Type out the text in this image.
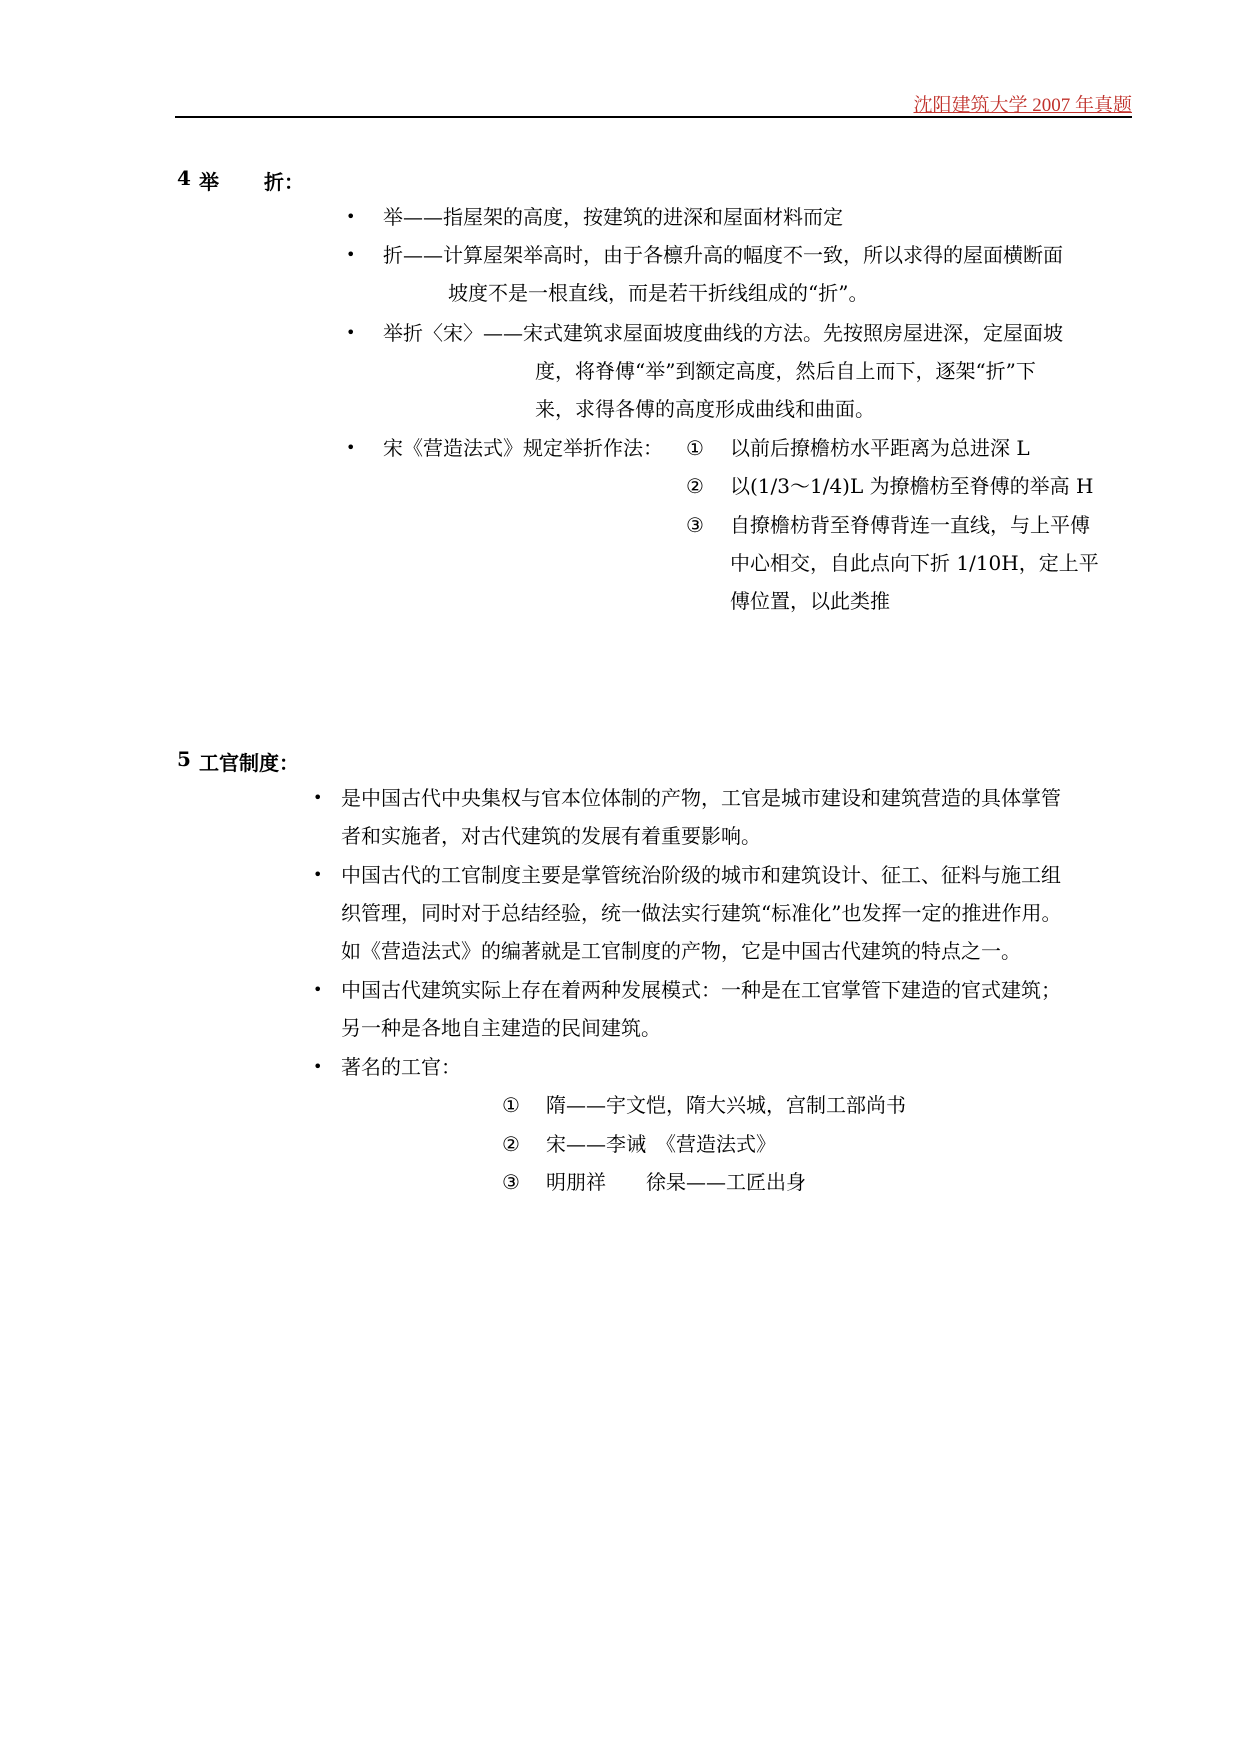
沈阳建筑大学 2007 年真题
4 举 折：
• 举——指屋架的高度，按建筑的进深和屋面材料而定
• 折——计算屋架举高时，由于各檩升高的幅度不一致，所以求得的屋面横断面
坡度不是一根直线，而是若干折线组成的“折”。
• 举折〈宋〉——宋式建筑求屋面坡度曲线的方法。先按照房屋进深，定屋面坡
度，将脊傅“举”到额定高度，然后自上而下，逐架“折”下
来，求得各傅的高度形成曲线和曲面。
• 宋《营造法式》规定举折作法： ① 以前后撩檐枋水平距离为总进深 L
② 以(1/3～1/4)L 为撩檐枋至脊傅的举高 H
③ 自撩檐枋背至脊傅背连一直线，与上平傅
中心相交，自此点向下折 1/10H，定上平
傅位置，以此类推
5 工官制度：
• 是中国古代中央集权与官本位体制的产物，工官是城市建设和建筑营造的具体掌管
者和实施者，对古代建筑的发展有着重要影响。
• 中国古代的工官制度主要是掌管统治阶级的城市和建筑设计、征工、征料与施工组
织管理，同时对于总结经验，统一做法实行建筑“标准化”也发挥一定的推进作用。
如《营造法式》的编著就是工官制度的产物，它是中国古代建筑的特点之一。
• 中国古代建筑实际上存在着两种发展模式：一种是在工官掌管下建造的官式建筑；
另一种是各地自主建造的民间建筑。
• 著名的工官：
① 隋——宇文恺，隋大兴城，宫制工部尚书
② 宋——李诫　《营造法式》
③ 明朋祥　　徐杲——工匠出身
